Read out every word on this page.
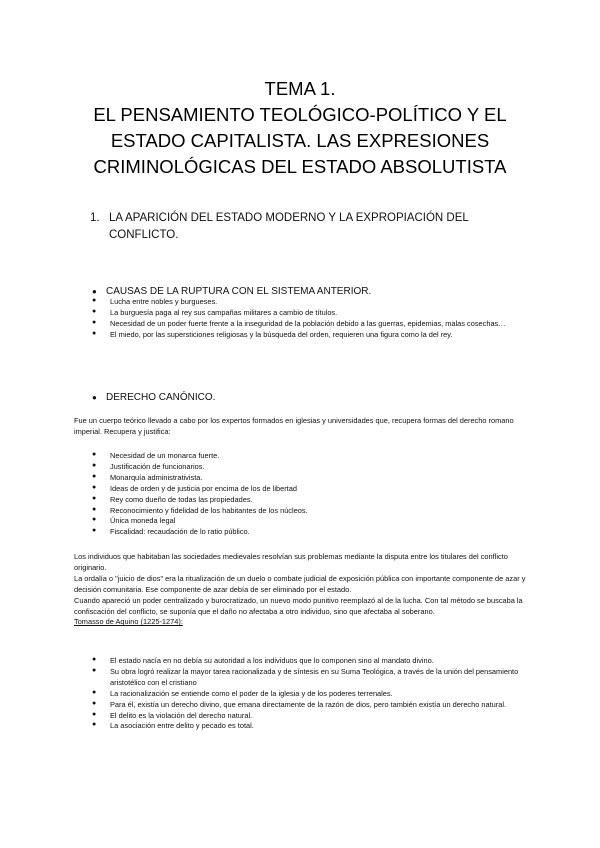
TEMA 1.
EL PENSAMIENTO TEOLÓGICO-POLÍTICO Y EL
ESTADO CAPITALISTA. LAS EXPRESIONES
CRIMINOLÓGICAS DEL ESTADO ABSOLUTISTA
1. LA APARICIÓN DEL ESTADO MODERNO Y LA EXPROPIACIÓN DEL CONFLICTO.
● CAUSAS DE LA RUPTURA CON EL SISTEMA ANTERIOR.
● Lucha entre nobles y burgueses.
● La burguesía paga al rey sus campañas militares a cambio de títulos.
● Necesidad de un poder fuerte frente a la inseguridad de la población debido a las guerras, epidemias, malas cosechas…
● El miedo, por las supersticiones religiosas y la búsqueda del orden, requieren una figura como la del rey.
● DERECHO CANÓNICO.
Fue un cuerpo teórico llevado a cabo por los expertos formados en iglesias y universidades que, recupera formas del derecho romano imperial. Recupera y justifica:
● Necesidad de un monarca fuerte.
● Justificación de funcionarios.
● Monarquía administrativista.
● Ideas de orden y de justicia por encima de los de libertad
● Rey como dueño de todas las propiedades.
● Reconocimiento y fidelidad de los habitantes de los núcleos.
● Única moneda legal
● Fiscalidad: recaudación de lo ratio público.
Los individuos que habitaban las sociedades medievales resolvían sus problemas mediante la disputa entre los titulares del conflicto originario.
La ordalía o "juicio de dios" era la ritualización de un duelo o combate judicial de exposición pública con importante componente de azar y decisión comunitaria. Ese componente de azar debía de ser eliminado por el estado.
Cuando apareció un poder centralizado y burocratizado, un nuevo modo punitivo reemplazó al de la lucha. Con tal método se buscaba la confiscación del conflicto, se suponía que el daño no afectaba a otro individuo, sino que afectaba al soberano.
Tomasso de Aquino (1225-1274):
● El estado nacía en no debía su autoridad a los individuos que lo componen sino al mandato divino.
● Su obra logró realizar la mayor tarea racionalizada y de síntesis en su Suma Teológica, a través de la unión del pensamiento aristotélico con el cristiano
● La racionalización se entiende como el poder de la iglesia y de los poderes terrenales.
● Para él, existía un derecho divino, que emana directamente de la razón de dios, pero también existía un derecho natural.
● El delito es la violación del derecho natural.
● La asociación entre delito y pecado es total.
